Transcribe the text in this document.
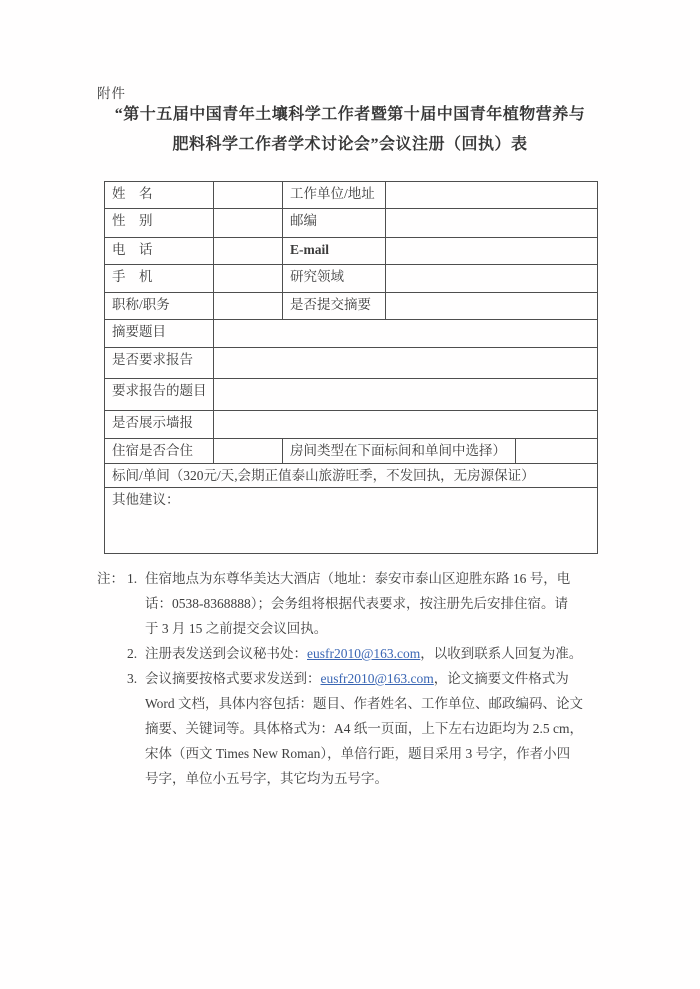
附件
“第十五届中国青年土壤科学工作者暨第十届中国青年植物营养与
肥料科学工作者学术讨论会”会议注册（回执）表
姓　名		工作单位/地址		
性　别		邮编		
电　话		E-mail		
手　机		研究领域		
职称/职务		是否提交摘要		
摘要题目				
是否要求报告				
要求报告的题目				
是否展示墙报				
住宿是否合住		房间类型在下面标间和单间中选择）		
标间/单间（320元/天,会期正值泰山旅游旺季，不发回执，无房源保证）				
其他建议：				
注： 1. 住宿地点为东尊华美达大酒店（地址：泰安市泰山区迎胜东路 16 号，电
话：0538-8368888）；会务组将根据代表要求，按注册先后安排住宿。请
于 3 月 15 之前提交会议回执。
2. 注册表发送到会议秘书处：eusfr2010@163.com，以收到联系人回复为准。
3. 会议摘要按格式要求发送到：eusfr2010@163.com，论文摘要文件格式为
Word 文档，具体内容包括：题目、作者姓名、工作单位、邮政编码、论文
摘要、关键词等。具体格式为：A4 纸一页面，上下左右边距均为 2.5 cm，
宋体（西文 Times New Roman），单倍行距，题目采用 3 号字，作者小四
号字，单位小五号字，其它均为五号字。
